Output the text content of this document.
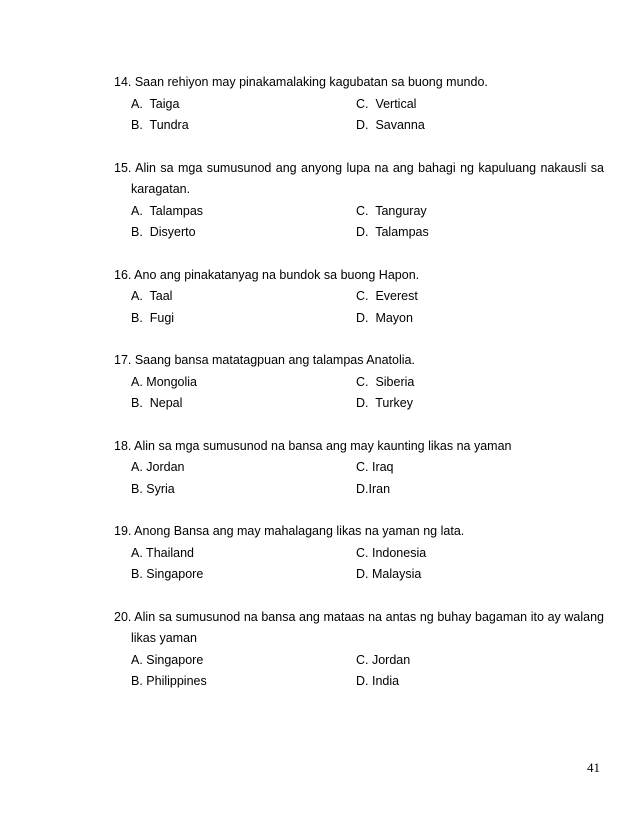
14. Saan rehiyon may pinakamalaking kagubatan sa buong mundo.

A.  Taiga	C.  Vertical
B.  Tundra	D.  Savanna

15. Alin sa mga sumusunod ang anyong lupa na ang bahagi ng kapuluang nakausli sa karagatan.

A.  Talampas	C.  Tanguray
B.  Disyerto	D.  Talampas

16. Ano ang pinakatanyag na bundok sa buong Hapon.

A.  Taal	C.  Everest
B.  Fugi	D.  Mayon

17. Saang bansa matatagpuan ang talampas Anatolia.

A. Mongolia	C.  Siberia
B.  Nepal	D.  Turkey

18. Alin sa mga sumusunod na bansa ang may kaunting likas na yaman

A. Jordan	C. Iraq
B. Syria	D.Iran

19. Anong Bansa ang may mahalagang likas na yaman ng lata.

A. Thailand	C. Indonesia
B. Singapore	D. Malaysia

20. Alin sa sumusunod na bansa ang mataas na antas ng buhay bagaman ito ay walang likas yaman

A. Singapore	C. Jordan
B. Philippines	D. India
41
